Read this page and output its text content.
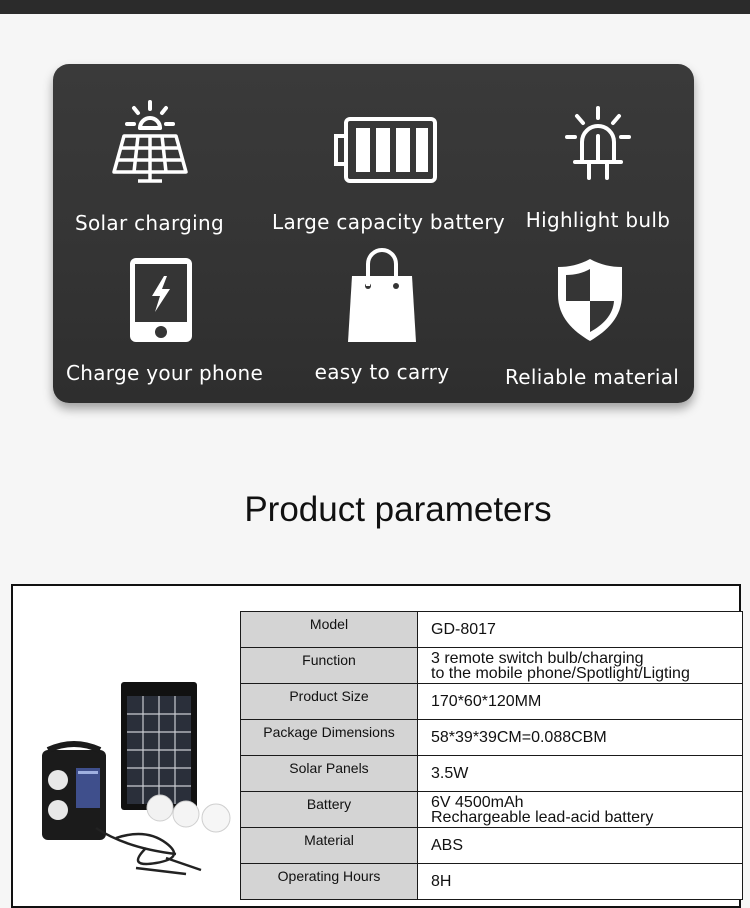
Solar charging Large capacity battery Highlight bulb
Charge your phone	easy to carry	Reliable material
Product parameters
Model	GD-8017

Function	3 remote switch bulb/charging
to the mobile phone/Spotlight/Ligting

Product Size	170*60*120MM

Package Dimensions	58*39*39CM=0.088CBM

Solar Panels	3.5W

Battery	6V 4500mAh
Rechargeable lead-acid battery

Material	ABS

Operating Hours	8H
